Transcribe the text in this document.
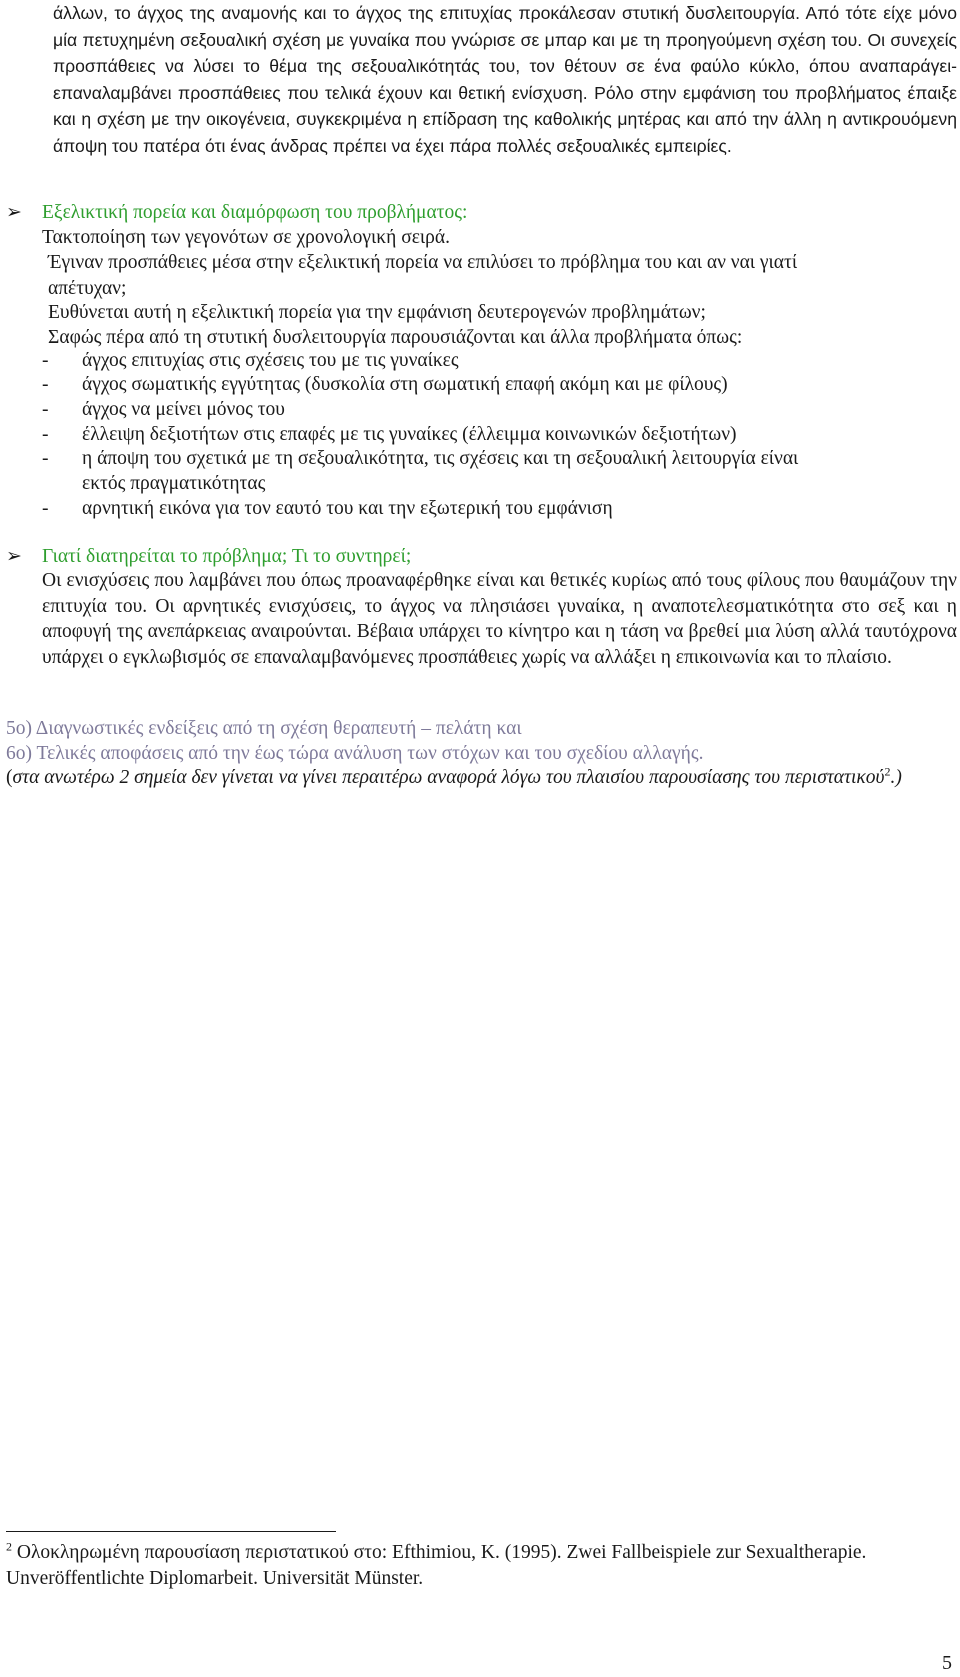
άλλων, το άγχος της αναμονής και το άγχος της επιτυχίας προκάλεσαν στυτική δυσλειτουργία. Από τότε είχε μόνο μία πετυχημένη σεξουαλική σχέση με γυναίκα που γνώρισε σε μπαρ και με τη προηγούμενη σχέση του. Οι συνεχείς προσπάθειες να λύσει το θέμα της σεξουαλικότητάς του, τον θέτουν σε ένα φαύλο κύκλο, όπου αναπαράγει-επαναλαμβάνει προσπάθειες που τελικά έχουν και θετική ενίσχυση. Ρόλο στην εμφάνιση του προβλήματος έπαιξε και η σχέση με την οικογένεια, συγκεκριμένα η επίδραση της καθολικής μητέρας και από την άλλη η αντικρουόμενη άποψη του πατέρα ότι ένας άνδρας πρέπει να έχει πάρα πολλές σεξουαλικές εμπειρίες.
➢ Εξελικτική πορεία και διαμόρφωση του προβλήματος:
Τακτοποίηση των γεγονότων σε χρονολογική σειρά.
Έγιναν προσπάθειες μέσα στην εξελικτική πορεία να επιλύσει το πρόβλημα του και αν ναι γιατί
απέτυχαν;
Ευθύνεται αυτή η εξελικτική πορεία για την εμφάνιση δευτερογενών προβλημάτων;
Σαφώς πέρα από τη στυτική δυσλειτουργία παρουσιάζονται και άλλα προβλήματα όπως:
- άγχος επιτυχίας στις σχέσεις του με τις γυναίκες
- άγχος σωματικής εγγύτητας (δυσκολία στη σωματική επαφή ακόμη και με φίλους)
- άγχος να μείνει μόνος του
- έλλειψη δεξιοτήτων στις επαφές με τις γυναίκες (έλλειμμα κοινωνικών δεξιοτήτων)
- η άποψη του σχετικά με τη σεξουαλικότητα, τις σχέσεις και τη σεξουαλική λειτουργία είναι
εκτός πραγματικότητας
- αρνητική εικόνα για τον εαυτό του και την εξωτερική του εμφάνιση
➢ Γιατί διατηρείται το πρόβλημα; Τι το συντηρεί;
Οι ενισχύσεις που λαμβάνει που όπως προαναφέρθηκε είναι και θετικές κυρίως από τους φίλους που θαυμάζουν την επιτυχία του. Οι αρνητικές ενισχύσεις, το άγχος να πλησιάσει γυναίκα, η αναποτελεσματικότητα στο σεξ και η αποφυγή της ανεπάρκειας αναιρούνται. Βέβαια υπάρχει το κίνητρο και η τάση να βρεθεί μια λύση αλλά ταυτόχρονα υπάρχει ο εγκλωβισμός σε επαναλαμβανόμενες προσπάθειες χωρίς να αλλάξει η επικοινωνία και το πλαίσιο.
5ο) Διαγνωστικές ενδείξεις από τη σχέση θεραπευτή – πελάτη και
6ο) Τελικές αποφάσεις από την έως τώρα ανάλυση των στόχων και του σχεδίου αλλαγής.
(στα ανωτέρω 2 σημεία δεν γίνεται να γίνει περαιτέρω αναφορά λόγω του πλαισίου παρουσίασης του περιστατικού$^2$.)
$^2$ Ολοκληρωμένη παρουσίαση περιστατικού στο: Efthimiou, K. (1995). Zwei Fallbeispiele zur Sexualtherapie. Unveröffentlichte Diplomarbeit. Universität Münster.
5
